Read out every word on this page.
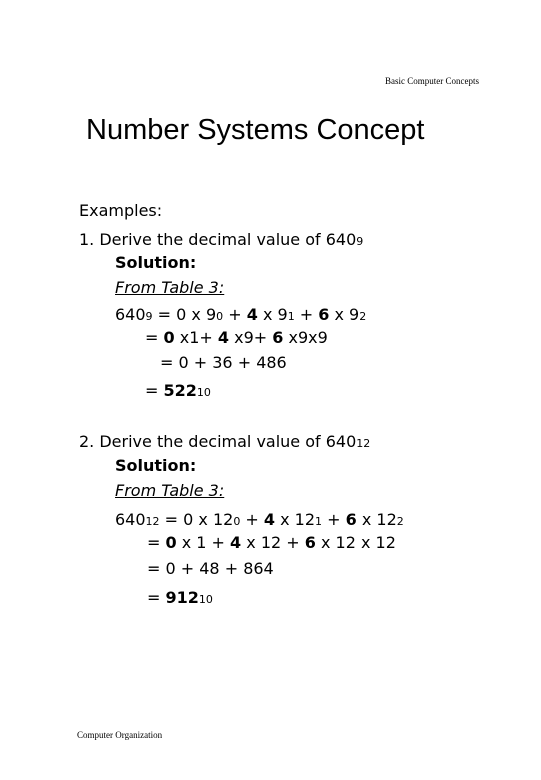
Basic Computer Concepts
Number Systems Concept
Examples:
1. Derive the decimal value of 6409
Solution:
From Table 3:
6409 = 0 x 90 + 4 x 91 + 6 x 92
= 0 x1+ 4 x9+ 6 x9x9
= 0 + 36 + 486
= 52210
2. Derive the decimal value of 64012
Solution:
From Table 3:
64012 = 0 x 120 + 4 x 121 + 6 x 122
= 0 x 1 + 4 x 12 + 6 x 12 x 12
= 0 + 48 + 864
= 91210
Computer Organization
